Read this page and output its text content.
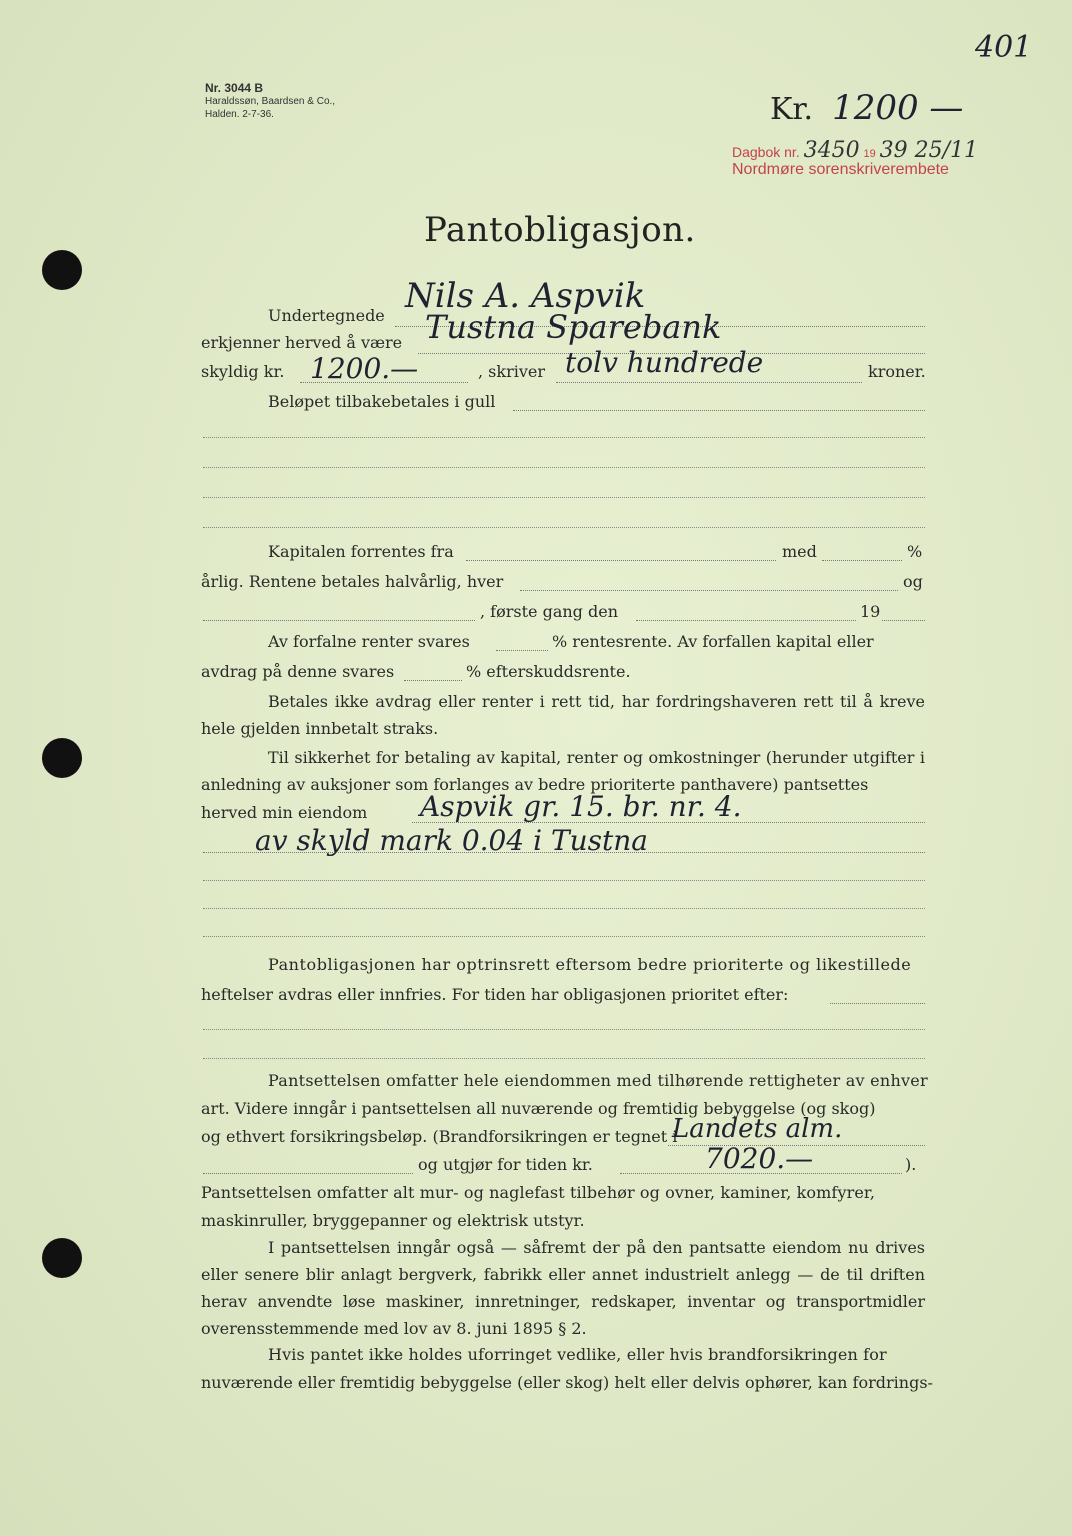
401
Nr. 3044 B
Haraldssøn, Baardsen & Co.,
Halden. 2-7-36.	Kr. 1200 —
Dagbok nr. 3450 19 39 25/11
Nordmøre sorenskriverembete
Pantobligasjon.
Undertegnede Nils A. Aspvik
erkjenner herved å være Tustna Sparebank
skyldig kr. 1200.—	, skriver tolv hundrede	kroner.
Beløpet tilbakebetales i gull
Kapitalen forrentes fra	med	%
årlig. Rentene betales halvårlig, hver	og
, første gang den	19
Av forfalne renter svares	% rentesrente. Av forfallen kapital eller
avdrag på denne svares	% efterskuddsrente.

Betales ikke avdrag eller renter i rett tid, har fordringshaveren rett til å kreve hele gjelden innbetalt straks.

Til sikkerhet for betaling av kapital, renter og omkostninger (herunder utgifter i anledning av auksjoner som forlanges av bedre prioriterte panthavere) pantsettes

herved min eiendom Aspvik gr. 15. br. nr. 4.
av skyld mark 0.04 i Tustna
Pantobligasjonen har optrinsrett eftersom bedre prioriterte og likestillede
heftelser avdras eller innfries. For tiden har obligasjonen prioritet efter:
Pantsettelsen omfatter hele eiendommen med tilhørende rettigheter av enhver
art. Videre inngår i pantsettelsen all nuværende og fremtidig bebyggelse (og skog)
og ethvert forsikringsbeløp. (Brandforsikringen er tegnet i
Landets alm.
og utgjør for tiden kr.	7020.—	).
Pantsettelsen omfatter alt mur- og naglefast tilbehør og ovner, kaminer, komfyrer,
maskinruller, bryggepanner og elektrisk utstyr.

I pantsettelsen inngår også — såfremt der på den pantsatte eiendom nu drives eller senere blir anlagt bergverk, fabrikk eller annet industrielt anlegg — de til driften herav anvendte løse maskiner, innretninger, redskaper, inventar og transportmidler overensstemmende med lov av 8. juni 1895 § 2.

Hvis pantet ikke holdes uforringet vedlike, eller hvis brandforsikringen for
nuværende eller fremtidig bebyggelse (eller skog) helt eller delvis ophører, kan fordrings-
